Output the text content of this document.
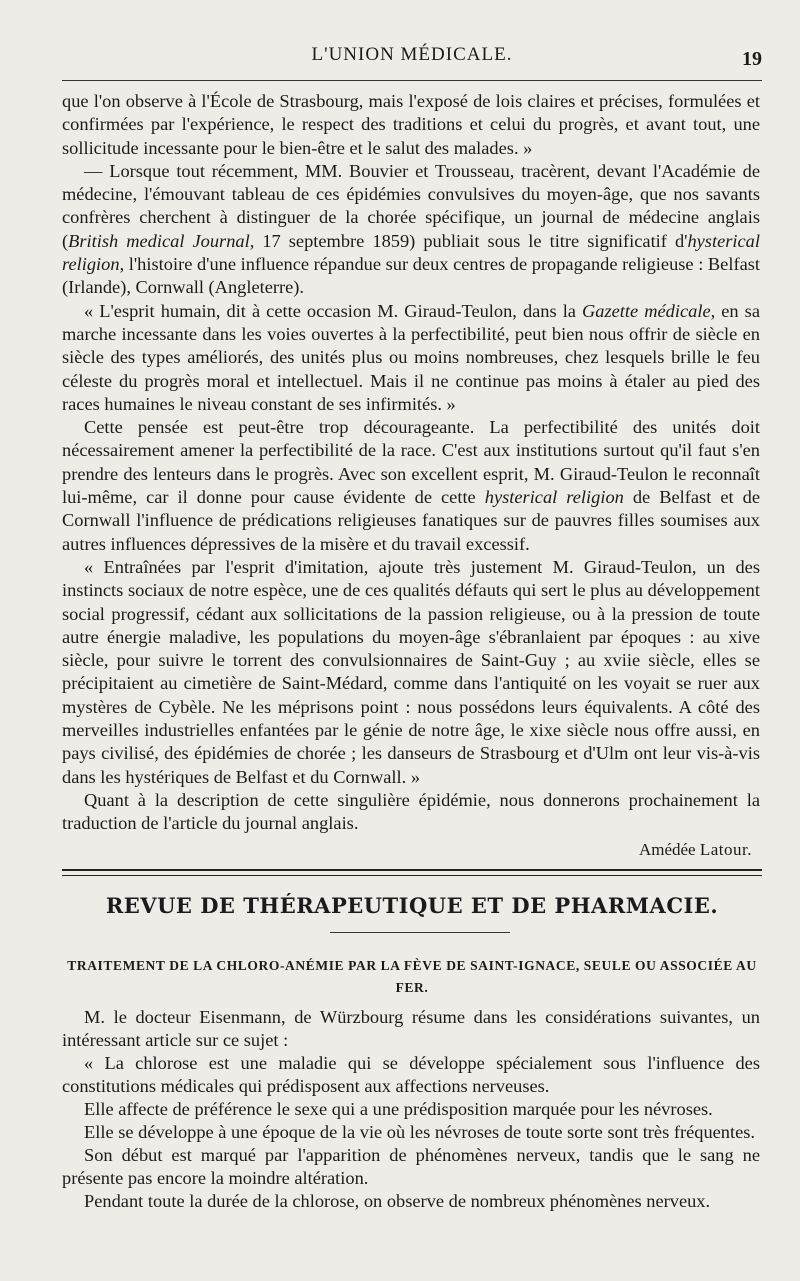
L'UNION MÉDICALE.	19

que l'on observe à l'École de Strasbourg, mais l'exposé de lois claires et précises, formulées et confirmées par l'expérience, le respect des traditions et celui du progrès, et avant tout, une sollicitude incessante pour le bien-être et le salut des malades. »

— Lorsque tout récemment, MM. Bouvier et Trousseau, tracèrent, devant l'Académie de médecine, l'émouvant tableau de ces épidémies convulsives du moyen-âge, que nos savants confrères cherchent à distinguer de la chorée spécifique, un journal de médecine anglais (British medical Journal, 17 septembre 1859) publiait sous le titre significatif d'hysterical religion, l'histoire d'une influence répandue sur deux centres de propagande religieuse : Belfast (Irlande), Cornwall (Angleterre).

« L'esprit humain, dit à cette occasion M. Giraud-Teulon, dans la Gazette médicale, en sa marche incessante dans les voies ouvertes à la perfectibilité, peut bien nous offrir de siècle en siècle des types améliorés, des unités plus ou moins nombreuses, chez lesquels brille le feu céleste du progrès moral et intellectuel. Mais il ne continue pas moins à étaler au pied des races humaines le niveau constant de ses infirmités. »

Cette pensée est peut-être trop décourageante. La perfectibilité des unités doit nécessairement amener la perfectibilité de la race. C'est aux institutions surtout qu'il faut s'en prendre des lenteurs dans le progrès. Avec son excellent esprit, M. Giraud-Teulon le reconnaît lui-même, car il donne pour cause évidente de cette hysterical religion de Belfast et de Cornwall l'influence de prédications religieuses fanatiques sur de pauvres filles soumises aux autres influences dépressives de la misère et du travail excessif.

« Entraînées par l'esprit d'imitation, ajoute très justement M. Giraud-Teulon, un des instincts sociaux de notre espèce, une de ces qualités défauts qui sert le plus au développement social progressif, cédant aux sollicitations de la passion religieuse, ou à la pression de toute autre énergie maladive, les populations du moyen-âge s'ébranlaient par époques : au xive siècle, pour suivre le torrent des convulsionnaires de Saint-Guy ; au xviie siècle, elles se précipitaient au cimetière de Saint-Médard, comme dans l'antiquité on les voyait se ruer aux mystères de Cybèle. Ne les méprisons point : nous possédons leurs équivalents. A côté des merveilles industrielles enfantées par le génie de notre âge, le xixe siècle nous offre aussi, en pays civilisé, des épidémies de chorée ; les danseurs de Strasbourg et d'Ulm ont leur vis-à-vis dans les hystériques de Belfast et du Cornwall. »

Quant à la description de cette singulière épidémie, nous donnerons prochainement la traduction de l'article du journal anglais.

Amédée Latour.
REVUE DE THÉRAPEUTIQUE ET DE PHARMACIE.
TRAITEMENT DE LA CHLORO-ANÉMIE PAR LA FÈVE DE SAINT-IGNACE, SEULE OU ASSOCIÉE AU FER.

M. le docteur Eisenmann, de Würzbourg résume dans les considérations suivantes, un intéressant article sur ce sujet :

« La chlorose est une maladie qui se développe spécialement sous l'influence des constitutions médicales qui prédisposent aux affections nerveuses.

Elle affecte de préférence le sexe qui a une prédisposition marquée pour les névroses.

Elle se développe à une époque de la vie où les névroses de toute sorte sont très fréquentes.

Son début est marqué par l'apparition de phénomènes nerveux, tandis que le sang ne présente pas encore la moindre altération.

Pendant toute la durée de la chlorose, on observe de nombreux phénomènes nerveux.
